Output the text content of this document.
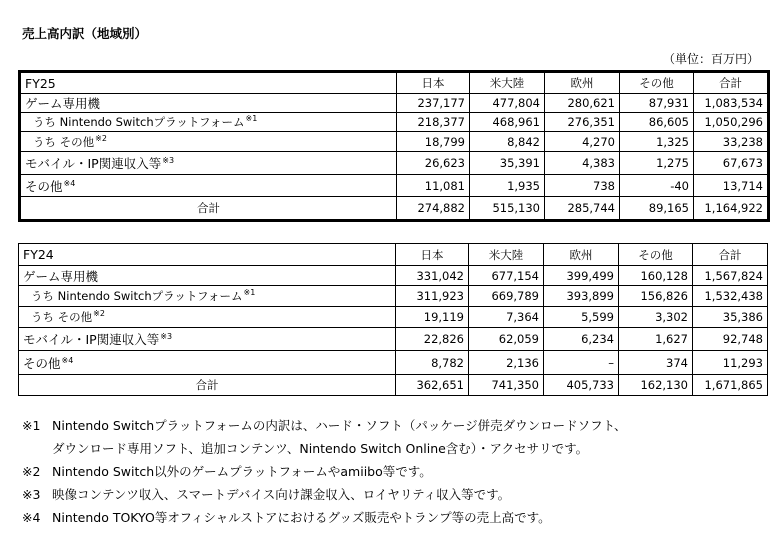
売上高内訳（地域別）
（単位：百万円）
FY25	日本	米大陸	欧州	その他	合計
ゲーム専用機	237,177	477,804	280,621	87,931	1,083,534
うち Nintendo Switchプラットフォーム$^{※1}$	218,377	468,961	276,351	86,605	1,050,296
うち その他$^{※2}$	18,799	8,842	4,270	1,325	33,238
モバイル・IP関連収入等$^{※3}$	26,623	35,391	4,383	1,275	67,673
その他$^{※4}$	11,081	1,935	738	-40	13,714
合計	274,882	515,130	285,744	89,165	1,164,922
FY24	日本	米大陸	欧州	その他	合計
ゲーム専用機	331,042	677,154	399,499	160,128	1,567,824
うち Nintendo Switchプラットフォーム$^{※1}$	311,923	669,789	393,899	156,826	1,532,438
うち その他$^{※2}$	19,119	7,364	5,599	3,302	35,386
モバイル・IP関連収入等$^{※3}$	22,826	62,059	6,234	1,627	92,748
その他$^{※4}$	8,782	2,136	–	374	11,293
合計	362,651	741,350	405,733	162,130	1,671,865
※1 Nintendo Switchプラットフォームの内訳は、ハード・ソフト（パッケージ併売ダウンロードソフト、
ダウンロード専用ソフト、追加コンテンツ、Nintendo Switch Online含む）・アクセサリです。
※2 Nintendo Switch以外のゲームプラットフォームやamiibo等です。
※3 映像コンテンツ収入、スマートデバイス向け課金収入、ロイヤリティ収入等です。
※4 Nintendo TOKYO等オフィシャルストアにおけるグッズ販売やトランプ等の売上高です。
